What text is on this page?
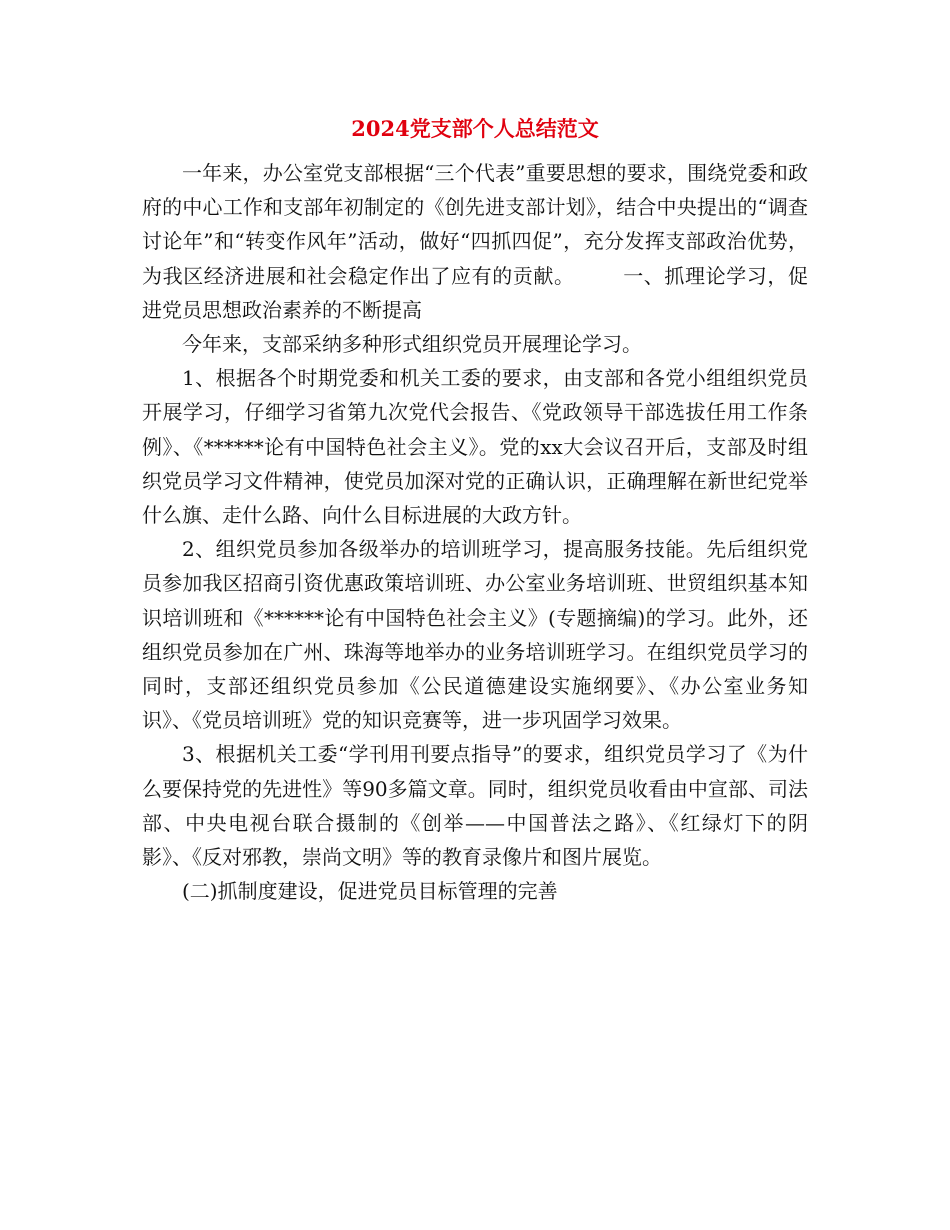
2024党支部个人总结范文

一年来，办公室党支部根据“三个代表”重要思想的要求，围绕党委和政府的中心工作和支部年初制定的《创先进支部计划》，结合中央提出的“调查讨论年”和“转变作风年”活动，做好“四抓四促”，充分发挥支部政治优势，为我区经济进展和社会稳定作出了应有的贡献。 一、抓理论学习，促进党员思想政治素养的不断提高

今年来，支部采纳多种形式组织党员开展理论学习。

1、根据各个时期党委和机关工委的要求，由支部和各党小组组织党员开展学习，仔细学习省第九次党代会报告、《党政领导干部选拔任用工作条例》、《******论有中国特色社会主义》。党的xx大会议召开后，支部及时组织党员学习文件精神，使党员加深对党的正确认识，正确理解在新世纪党举什么旗、走什么路、向什么目标进展的大政方针。

2、组织党员参加各级举办的培训班学习，提高服务技能。先后组织党员参加我区招商引资优惠政策培训班、办公室业务培训班、世贸组织基本知识培训班和《******论有中国特色社会主义》(专题摘编)的学习。此外，还组织党员参加在广州、珠海等地举办的业务培训班学习。在组织党员学习的同时，支部还组织党员参加《公民道德建设实施纲要》、《办公室业务知识》、《党员培训班》党的知识竞赛等，进一步巩固学习效果。

3、根据机关工委“学刊用刊要点指导”的要求，组织党员学习了《为什么要保持党的先进性》等90多篇文章。同时，组织党员收看由中宣部、司法部、中央电视台联合摄制的《创举——中国普法之路》、《红绿灯下的阴影》、《反对邪教，崇尚文明》等的教育录像片和图片展览。

(二)抓制度建设，促进党员目标管理的完善
